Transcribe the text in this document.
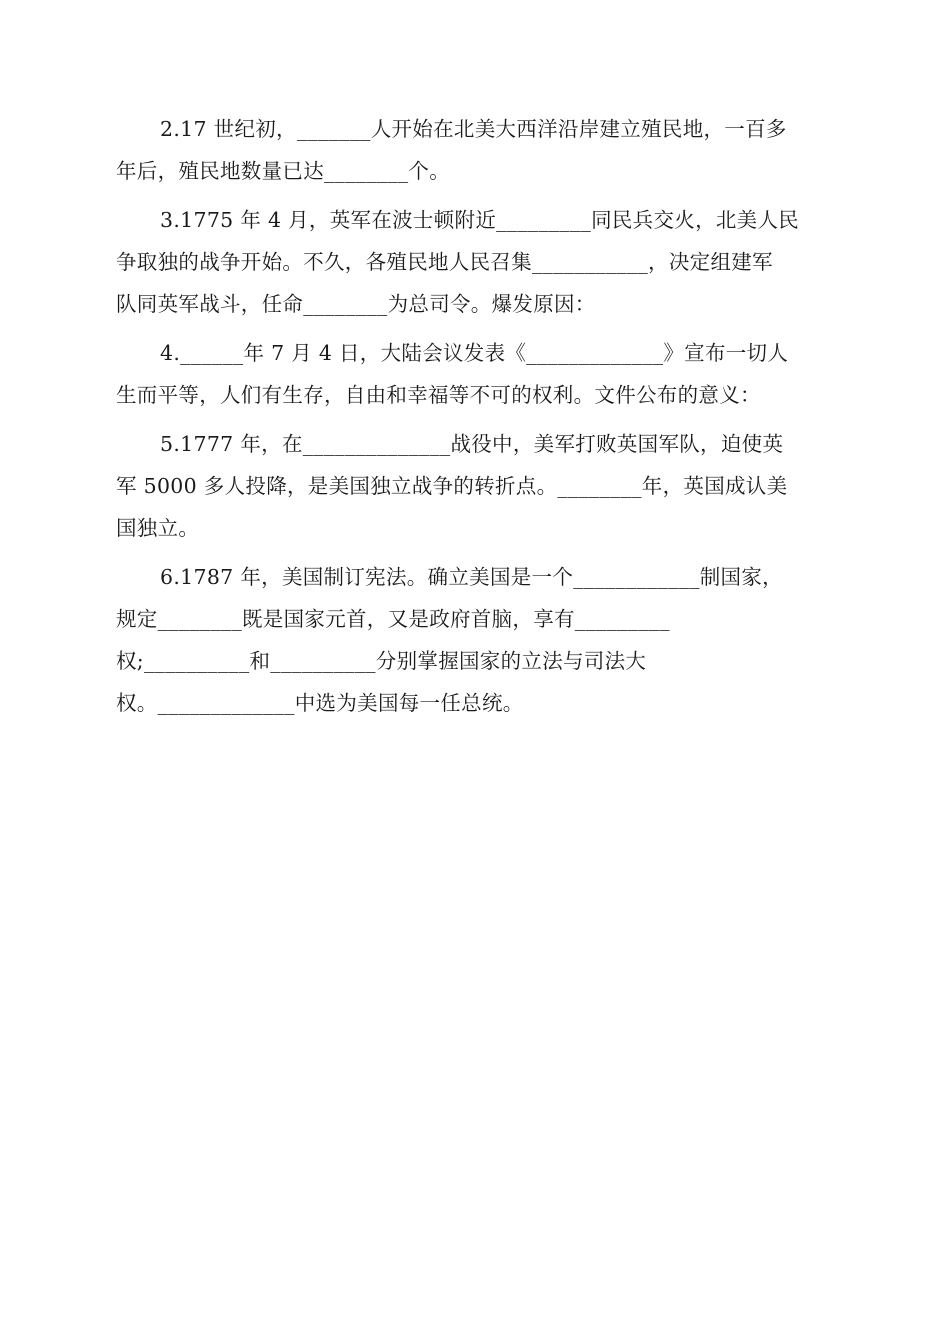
2.17 世纪初，_______人开始在北美大西洋沿岸建立殖民地，一百多
年后，殖民地数量已达________个。
3.1775 年 4 月，英军在波士顿附近_________同民兵交火，北美人民
争取独的战争开始。不久，各殖民地人民召集___________，决定组建军
队同英军战斗，任命________为总司令。爆发原因：
4.______年 7 月 4 日，大陆会议发表《_____________》宣布一切人
生而平等，人们有生存，自由和幸福等不可的权利。文件公布的意义：
5.1777 年，在______________战役中，美军打败英国军队，迫使英
军 5000 多人投降，是美国独立战争的转折点。________年，英国成认美
国独立。
6.1787 年，美国制订宪法。确立美国是一个____________制国家，
规定________既是国家元首，又是政府首脑，享有_________
权;__________和__________分别掌握国家的立法与司法大
权。_____________中选为美国每一任总统。
